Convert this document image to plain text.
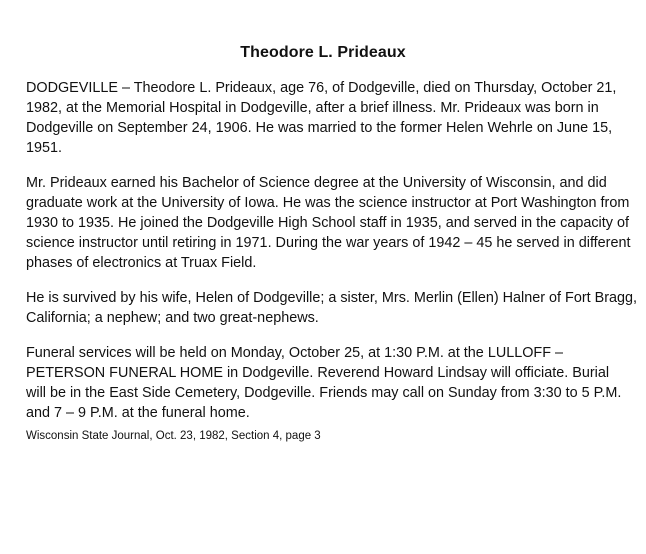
Theodore L. Prideaux

DODGEVILLE – Theodore L. Prideaux, age 76, of Dodgeville, died on Thursday, October 21,
1982, at the Memorial Hospital in Dodgeville, after a brief illness. Mr. Prideaux was born in
Dodgeville on September 24, 1906. He was married to the former Helen Wehrle on June 15,
1951.

Mr. Prideaux earned his Bachelor of Science degree at the University of Wisconsin, and did
graduate work at the University of Iowa. He was the science instructor at Port Washington from
1930 to 1935. He joined the Dodgeville High School staff in 1935, and served in the capacity of
science instructor until retiring in 1971. During the war years of 1942 – 45 he served in different
phases of electronics at Truax Field.

He is survived by his wife, Helen of Dodgeville; a sister, Mrs. Merlin (Ellen) Halner of Fort Bragg,
California; a nephew; and two great-nephews.

Funeral services will be held on Monday, October 25, at 1:30 P.M. at the LULLOFF –
PETERSON FUNERAL HOME in Dodgeville. Reverend Howard Lindsay will officiate. Burial
will be in the East Side Cemetery, Dodgeville. Friends may call on Sunday from 3:30 to 5 P.M.
and 7 – 9 P.M. at the funeral home.

Wisconsin State Journal, Oct. 23, 1982, Section 4, page 3
